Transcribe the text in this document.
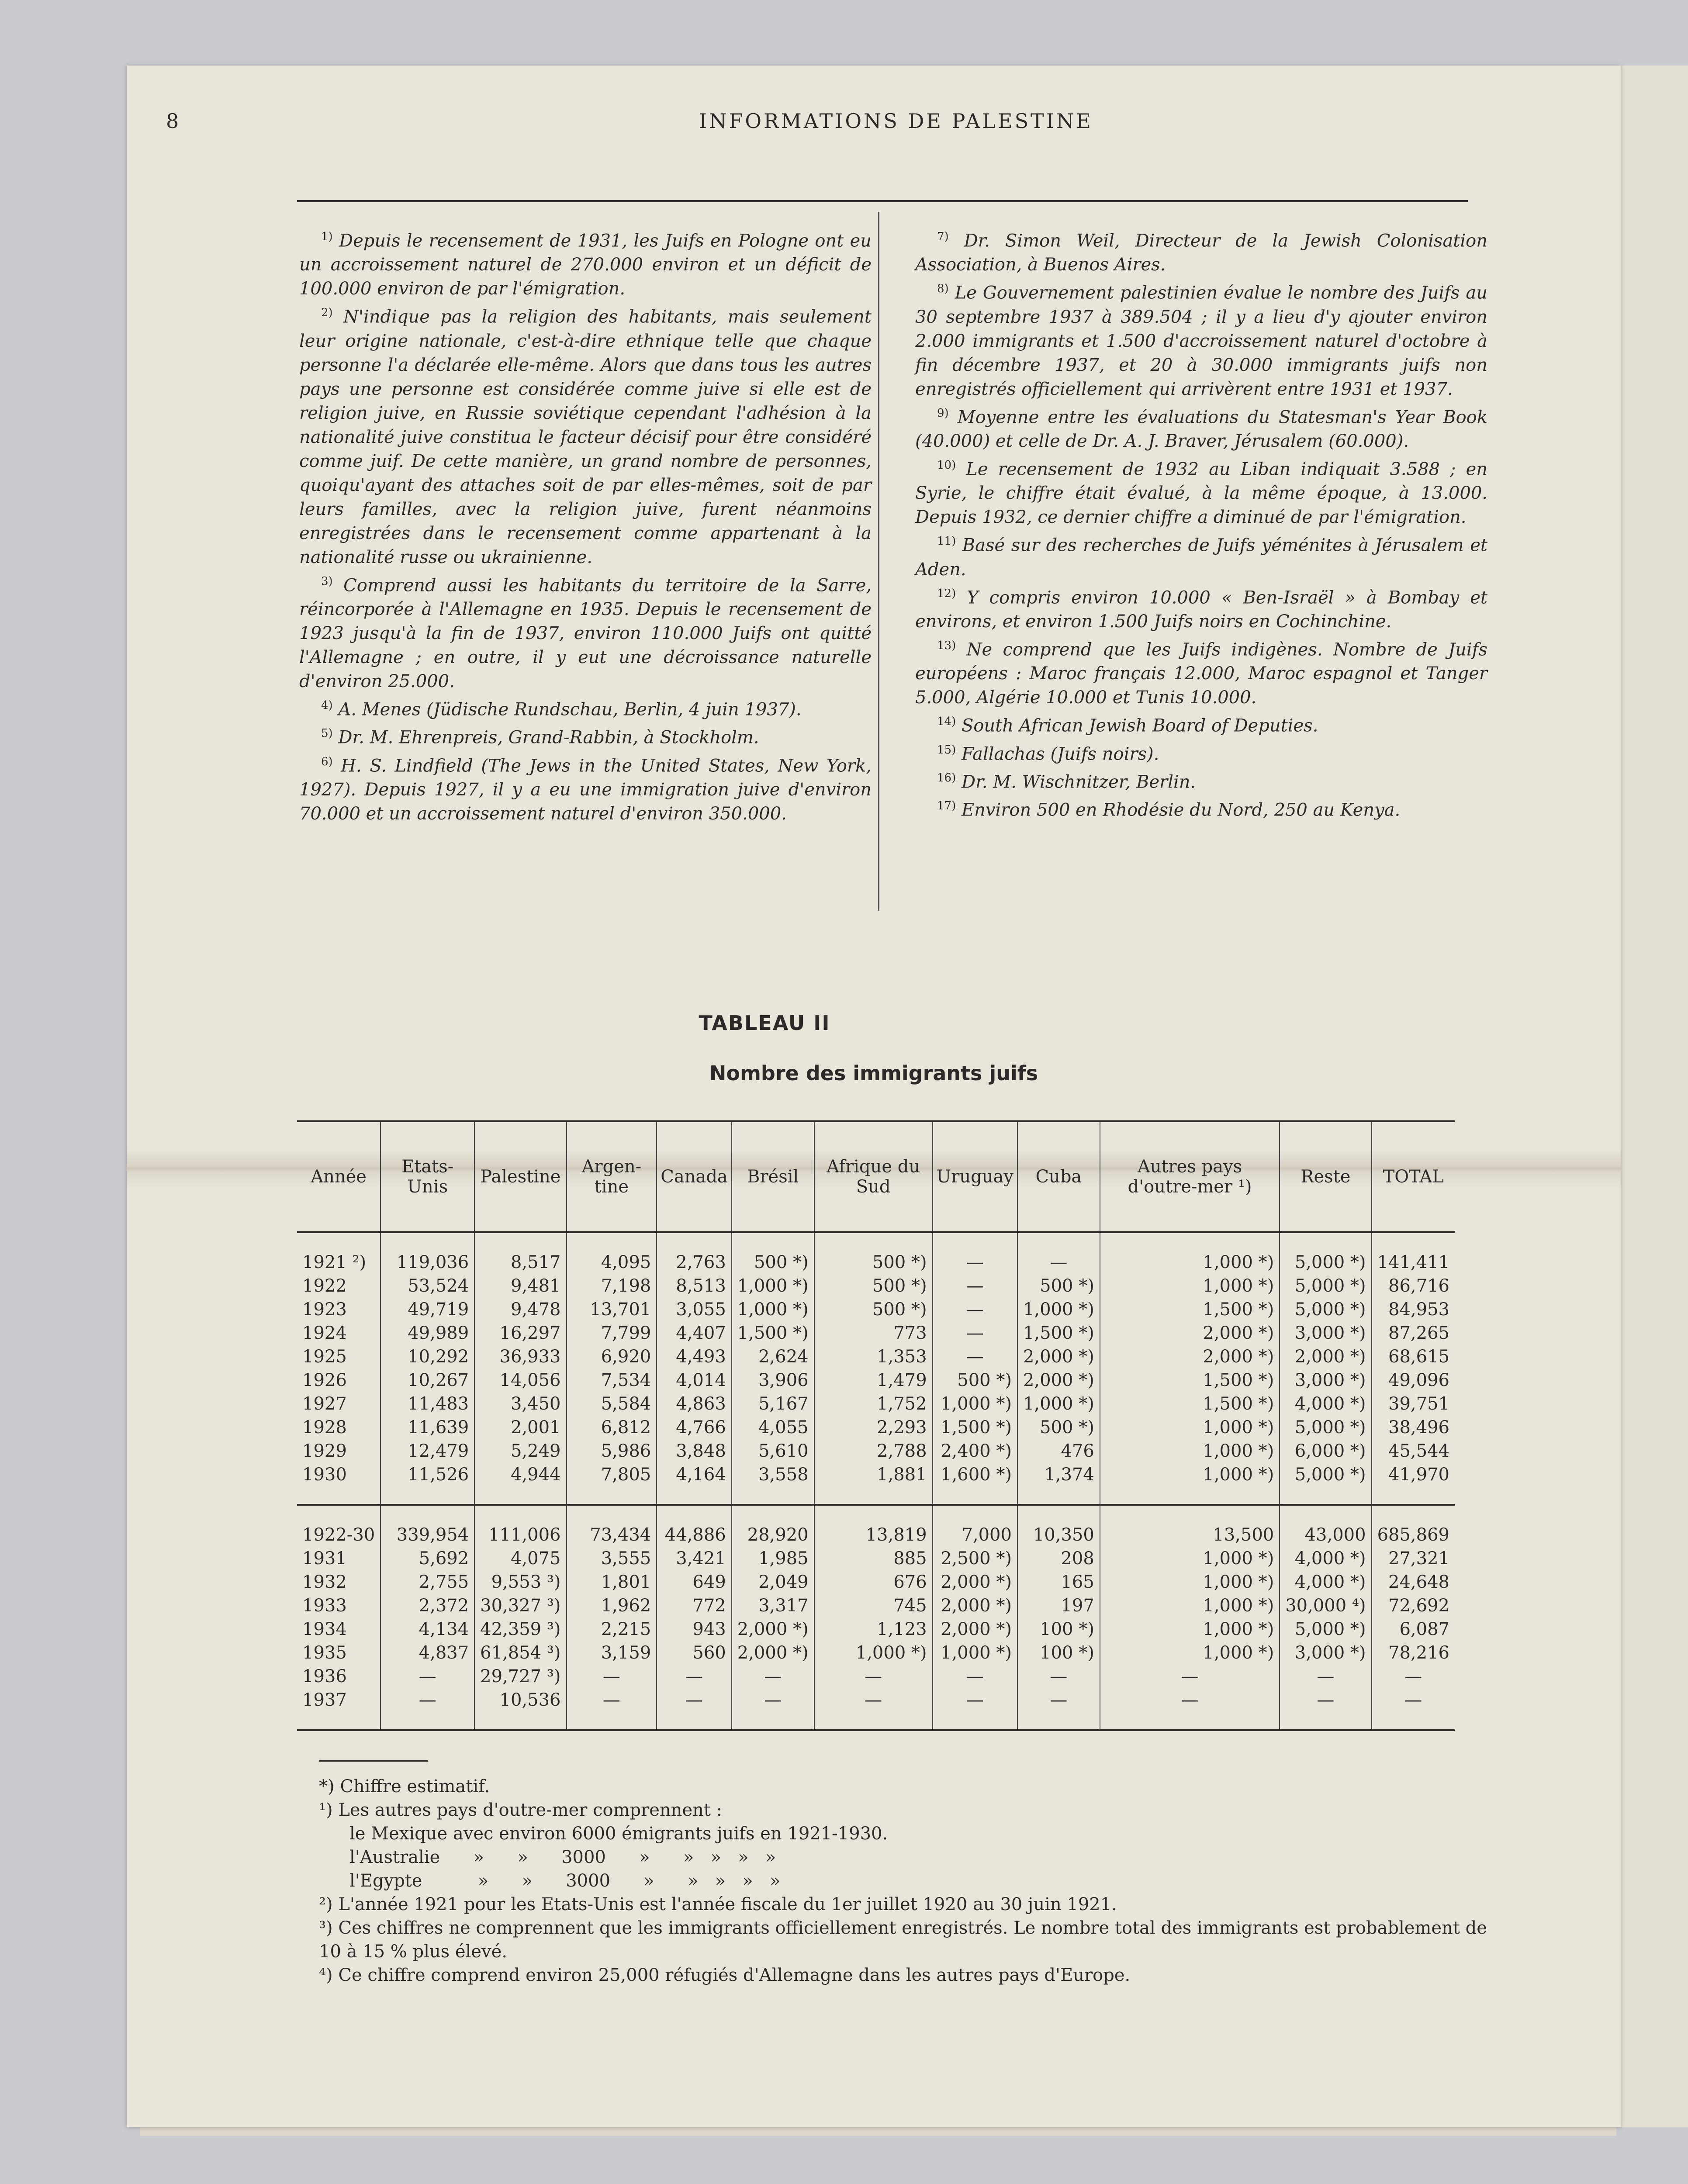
8	INFORMATIONS DE PALESTINE

$^{1)}$ Depuis le recensement de 1931, les Juifs en Pologne ont eu un accroissement naturel de 270.000 environ et un déficit de 100.000 environ de par l'émigration.

$^{2)}$ N'indique pas la religion des habitants, mais seulement leur origine nationale, c'est-à-dire ethnique telle que chaque personne l'a déclarée elle-même. Alors que dans tous les autres pays une personne est considérée comme juive si elle est de religion juive, en Russie soviétique cependant l'adhésion à la nationalité juive constitua le facteur décisif pour être considéré comme juif. De cette manière, un grand nombre de personnes, quoiqu'ayant des attaches soit de par elles-mêmes, soit de par leurs familles, avec la religion juive, furent néanmoins enregistrées dans le recensement comme appartenant à la nationalité russe ou ukrainienne.

$^{3)}$ Comprend aussi les habitants du territoire de la Sarre, réincorporée à l'Allemagne en 1935. Depuis le recensement de 1923 jusqu'à la fin de 1937, environ 110.000 Juifs ont quitté l'Allemagne ; en outre, il y eut une décroissance naturelle d'environ 25.000.

$^{4)}$ A. Menes (Jüdische Rundschau, Berlin, 4 juin 1937).

$^{5)}$ Dr. M. Ehrenpreis, Grand-Rabbin, à Stockholm.

$^{6)}$ H. S. Lindfield (The Jews in the United States, New York, 1927). Depuis 1927, il y a eu une immigration juive d'environ 70.000 et un accroissement naturel d'environ 350.000.

$^{7)}$ Dr. Simon Weil, Directeur de la Jewish Colonisation Association, à Buenos Aires.

$^{8)}$ Le Gouvernement palestinien évalue le nombre des Juifs au 30 septembre 1937 à 389.504 ; il y a lieu d'y ajouter environ 2.000 immigrants et 1.500 d'accroissement naturel d'octobre à fin décembre 1937, et 20 à 30.000 immigrants juifs non enregistrés officiellement qui arrivèrent entre 1931 et 1937.

$^{9)}$ Moyenne entre les évaluations du Statesman's Year Book (40.000) et celle de Dr. A. J. Braver, Jérusalem (60.000).

$^{10)}$ Le recensement de 1932 au Liban indiquait 3.588 ; en Syrie, le chiffre était évalué, à la même époque, à 13.000. Depuis 1932, ce dernier chiffre a diminué de par l'émigration.

$^{11)}$ Basé sur des recherches de Juifs yéménites à Jérusalem et Aden.

$^{12)}$ Y compris environ 10.000 « Ben-Israël » à Bombay et environs, et environ 1.500 Juifs noirs en Cochinchine.

$^{13)}$ Ne comprend que les Juifs indigènes. Nombre de Juifs européens : Maroc français 12.000, Maroc espagnol et Tanger 5.000, Algérie 10.000 et Tunis 10.000.

$^{14)}$ South African Jewish Board of Deputies.

$^{15)}$ Fallachas (Juifs noirs).

$^{16)}$ Dr. M. Wischnitzer, Berlin.

$^{17)}$ Environ 500 en Rhodésie du Nord, 250 au Kenya.

TABLEAU II
Nombre des immigrants juifs
Année	Etats-Unis	Palestine	Argen-tine	Canada	Brésil	Afrique du Sud	Uruguay	Cuba	Autres pays d'outre-mer ¹)	Reste	TOTAL

1921 ²)	119,036	8,517	4,095	2,763	500 *)	500 *)	—	—	1,000 *)	5,000 *)	141,411
1922	53,524	9,481	7,198	8,513	1,000 *)	500 *)	—	500 *)	1,000 *)	5,000 *)	86,716
1923	49,719	9,478	13,701	3,055	1,000 *)	500 *)	—	1,000 *)	1,500 *)	5,000 *)	84,953
1924	49,989	16,297	7,799	4,407	1,500 *)	773	—	1,500 *)	2,000 *)	3,000 *)	87,265
1925	10,292	36,933	6,920	4,493	2,624	1,353	—	2,000 *)	2,000 *)	2,000 *)	68,615
1926	10,267	14,056	7,534	4,014	3,906	1,479	500 *)	2,000 *)	1,500 *)	3,000 *)	49,096
1927	11,483	3,450	5,584	4,863	5,167	1,752	1,000 *)	1,000 *)	1,500 *)	4,000 *)	39,751
1928	11,639	2,001	6,812	4,766	4,055	2,293	1,500 *)	500 *)	1,000 *)	5,000 *)	38,496
1929	12,479	5,249	5,986	3,848	5,610	2,788	2,400 *)	476	1,000 *)	6,000 *)	45,544
1930	11,526	4,944	7,805	4,164	3,558	1,881	1,600 *)	1,374	1,000 *)	5,000 *)	41,970

1922-30	339,954	111,006	73,434	44,886	28,920	13,819	7,000	10,350	13,500	43,000	685,869
1931	5,692	4,075	3,555	3,421	1,985	885	2,500 *)	208	1,000 *)	4,000 *)	27,321
1932	2,755	9,553 ³)	1,801	649	2,049	676	2,000 *)	165	1,000 *)	4,000 *)	24,648
1933	2,372	30,327 ³)	1,962	772	3,317	745	2,000 *)	197	1,000 *)	30,000 ⁴)	72,692
1934	4,134	42,359 ³)	2,215	943	2,000 *)	1,123	2,000 *)	100 *)	1,000 *)	5,000 *)	6,087
1935	4,837	61,854 ³)	3,159	560	2,000 *)	1,000 *)	1,000 *)	100 *)	1,000 *)	3,000 *)	78,216
1936	—	29,727 ³)	—	—	—	—	—	—	—	—	—
1937	—	10,536	—	—	—	—	—	—	—	—	—

*) Chiffre estimatif.

¹) Les autres pays d'outre-mer comprennent :

le Mexique avec environ 6000 émigrants juifs en 1921-1930.

l'Australie      »      »      3000      »      »   »   »   »

l'Egypte          »      »      3000      »      »   »   »   »

²) L'année 1921 pour les Etats-Unis est l'année fiscale du 1er juillet 1920 au 30 juin 1921.

³) Ces chiffres ne comprennent que les immigrants officiellement enregistrés. Le nombre total des immigrants est probablement de 10 à 15 % plus élevé.

⁴) Ce chiffre comprend environ 25,000 réfugiés d'Allemagne dans les autres pays d'Europe.
